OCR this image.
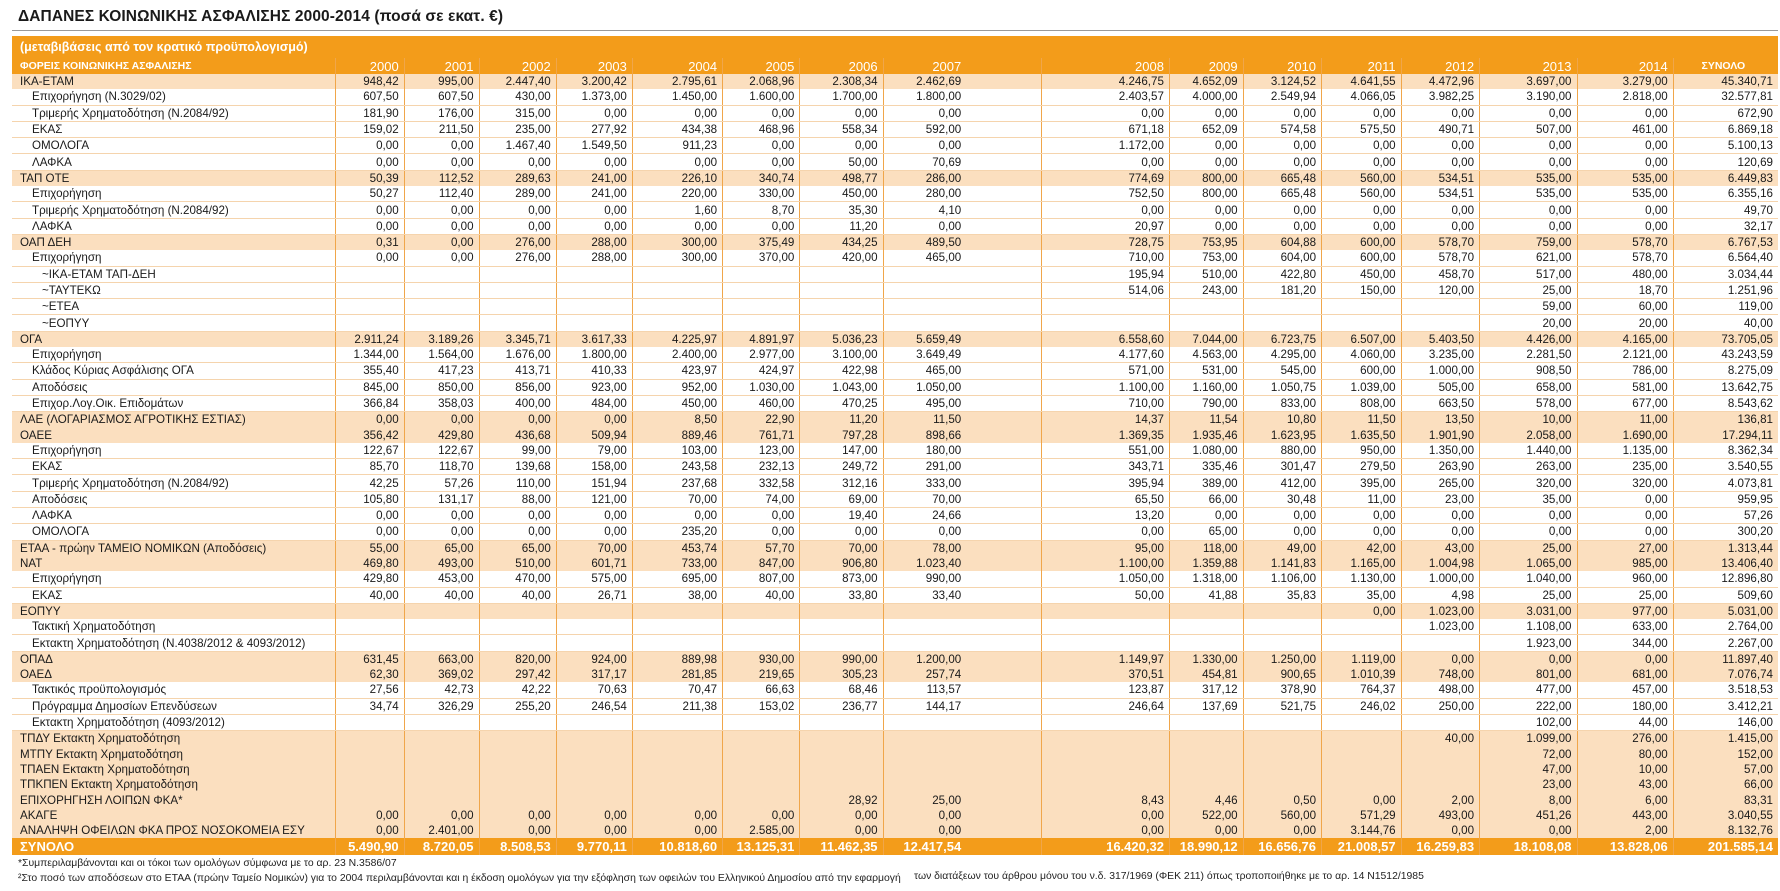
ΔΑΠΑΝΕΣ ΚΟΙΝΩΝΙΚΗΣ ΑΣΦΑΛΙΣΗΣ 2000-2014 (ποσά σε εκατ. €)
(μεταβιβάσεις από τον κρατικό προϋπολογισμό)
ΦΟΡΕΙΣ ΚΟΙΝΩΝΙΚΗΣ ΑΣΦΑΛΙΣΗΣ	2000	2001	2002	2003	2004	2005	2006	2007		2008	2009	2010	2011	2012	2013	2014	ΣΥΝΟΛΟ
ΙΚΑ-ΕΤΑΜ	948,42	995,00	2.447,40	3.200,42	2.795,61	2.068,96	2.308,34	2.462,69		4.246,75	4.652,09	3.124,52	4.641,55	4.472,96	3.697,00	3.279,00	45.340,71
Επιχορήγηση (Ν.3029/02)	607,50	607,50	430,00	1.373,00	1.450,00	1.600,00	1.700,00	1.800,00		2.403,57	4.000,00	2.549,94	4.066,05	3.982,25	3.190,00	2.818,00	32.577,81
Τριμερής Χρηματοδότηση (Ν.2084/92)	181,90	176,00	315,00	0,00	0,00	0,00	0,00	0,00		0,00	0,00	0,00	0,00	0,00	0,00	0,00	672,90
ΕΚΑΣ	159,02	211,50	235,00	277,92	434,38	468,96	558,34	592,00		671,18	652,09	574,58	575,50	490,71	507,00	461,00	6.869,18
ΟΜΟΛΟΓΑ	0,00	0,00	1.467,40	1.549,50	911,23	0,00	0,00	0,00		1.172,00	0,00	0,00	0,00	0,00	0,00	0,00	5.100,13
ΛΑΦΚΑ	0,00	0,00	0,00	0,00	0,00	0,00	50,00	70,69		0,00	0,00	0,00	0,00	0,00	0,00	0,00	120,69
ΤΑΠ ΟΤΕ	50,39	112,52	289,63	241,00	226,10	340,74	498,77	286,00		774,69	800,00	665,48	560,00	534,51	535,00	535,00	6.449,83
Επιχορήγηση	50,27	112,40	289,00	241,00	220,00	330,00	450,00	280,00		752,50	800,00	665,48	560,00	534,51	535,00	535,00	6.355,16
Τριμερής Χρηματοδότηση (Ν.2084/92)	0,00	0,00	0,00	0,00	1,60	8,70	35,30	4,10		0,00	0,00	0,00	0,00	0,00	0,00	0,00	49,70
ΛΑΦΚΑ	0,00	0,00	0,00	0,00	0,00	0,00	11,20	0,00		20,97	0,00	0,00	0,00	0,00	0,00	0,00	32,17
ΟΑΠ ΔΕΗ	0,31	0,00	276,00	288,00	300,00	375,49	434,25	489,50		728,75	753,95	604,88	600,00	578,70	759,00	578,70	6.767,53
Επιχορήγηση	0,00	0,00	276,00	288,00	300,00	370,00	420,00	465,00		710,00	753,00	604,00	600,00	578,70	621,00	578,70	6.564,40
~ΙΚΑ-ΕΤΑΜ ΤΑΠ-ΔΕΗ										195,94	510,00	422,80	450,00	458,70	517,00	480,00	3.034,44
~ΤΑΥΤΕΚΩ										514,06	243,00	181,20	150,00	120,00	25,00	18,70	1.251,96
~ΕΤΕΑ															59,00	60,00	119,00
~ΕΟΠΥΥ															20,00	20,00	40,00
ΟΓΑ	2.911,24	3.189,26	3.345,71	3.617,33	4.225,97	4.891,97	5.036,23	5.659,49		6.558,60	7.044,00	6.723,75	6.507,00	5.403,50	4.426,00	4.165,00	73.705,05
Επιχορήγηση	1.344,00	1.564,00	1.676,00	1.800,00	2.400,00	2.977,00	3.100,00	3.649,49		4.177,60	4.563,00	4.295,00	4.060,00	3.235,00	2.281,50	2.121,00	43.243,59
Κλάδος Κύριας Ασφάλισης ΟΓΑ	355,40	417,23	413,71	410,33	423,97	424,97	422,98	465,00		571,00	531,00	545,00	600,00	1.000,00	908,50	786,00	8.275,09
Αποδόσεις	845,00	850,00	856,00	923,00	952,00	1.030,00	1.043,00	1.050,00		1.100,00	1.160,00	1.050,75	1.039,00	505,00	658,00	581,00	13.642,75
Επιχορ.Λογ.Οικ. Επιδομάτων	366,84	358,03	400,00	484,00	450,00	460,00	470,25	495,00		710,00	790,00	833,00	808,00	663,50	578,00	677,00	8.543,62
ΛΑΕ (ΛΟΓΑΡΙΑΣΜΟΣ ΑΓΡΟΤΙΚΗΣ ΕΣΤΙΑΣ)	0,00	0,00	0,00	0,00	8,50	22,90	11,20	11,50		14,37	11,54	10,80	11,50	13,50	10,00	11,00	136,81
ΟΑΕΕ	356,42	429,80	436,68	509,94	889,46	761,71	797,28	898,66		1.369,35	1.935,46	1.623,95	1.635,50	1.901,90	2.058,00	1.690,00	17.294,11
Επιχορήγηση	122,67	122,67	99,00	79,00	103,00	123,00	147,00	180,00		551,00	1.080,00	880,00	950,00	1.350,00	1.440,00	1.135,00	8.362,34
ΕΚΑΣ	85,70	118,70	139,68	158,00	243,58	232,13	249,72	291,00		343,71	335,46	301,47	279,50	263,90	263,00	235,00	3.540,55
Τριμερής Χρηματοδότηση (Ν.2084/92)	42,25	57,26	110,00	151,94	237,68	332,58	312,16	333,00		395,94	389,00	412,00	395,00	265,00	320,00	320,00	4.073,81
Αποδόσεις	105,80	131,17	88,00	121,00	70,00	74,00	69,00	70,00		65,50	66,00	30,48	11,00	23,00	35,00	0,00	959,95
ΛΑΦΚΑ	0,00	0,00	0,00	0,00	0,00	0,00	19,40	24,66		13,20	0,00	0,00	0,00	0,00	0,00	0,00	57,26
ΟΜΟΛΟΓΑ	0,00	0,00	0,00	0,00	235,20	0,00	0,00	0,00		0,00	65,00	0,00	0,00	0,00	0,00	0,00	300,20
ΕΤΑΑ - πρώην ΤΑΜΕΙΟ ΝΟΜΙΚΩΝ (Αποδόσεις)	55,00	65,00	65,00	70,00	453,74	57,70	70,00	78,00		95,00	118,00	49,00	42,00	43,00	25,00	27,00	1.313,44
ΝΑΤ	469,80	493,00	510,00	601,71	733,00	847,00	906,80	1.023,40		1.100,00	1.359,88	1.141,83	1.165,00	1.004,98	1.065,00	985,00	13.406,40
Επιχορήγηση	429,80	453,00	470,00	575,00	695,00	807,00	873,00	990,00		1.050,00	1.318,00	1.106,00	1.130,00	1.000,00	1.040,00	960,00	12.896,80
ΕΚΑΣ	40,00	40,00	40,00	26,71	38,00	40,00	33,80	33,40		50,00	41,88	35,83	35,00	4,98	25,00	25,00	509,60
ΕΟΠΥΥ													0,00	1.023,00	3.031,00	977,00	5.031,00
Τακτική Χρηματοδότηση														1.023,00	1.108,00	633,00	2.764,00
Εκτακτη Χρηματοδότηση (Ν.4038/2012 & 4093/2012)															1.923,00	344,00	2.267,00
ΟΠΑΔ	631,45	663,00	820,00	924,00	889,98	930,00	990,00	1.200,00		1.149,97	1.330,00	1.250,00	1.119,00	0,00	0,00	0,00	11.897,40
ΟΑΕΔ	62,30	369,02	297,42	317,17	281,85	219,65	305,23	257,74		370,51	454,81	900,65	1.010,39	748,00	801,00	681,00	7.076,74
Τακτικός προϋπολογισμός	27,56	42,73	42,22	70,63	70,47	66,63	68,46	113,57		123,87	317,12	378,90	764,37	498,00	477,00	457,00	3.518,53
Πρόγραμμα Δημοσίων Επενδύσεων	34,74	326,29	255,20	246,54	211,38	153,02	236,77	144,17		246,64	137,69	521,75	246,02	250,00	222,00	180,00	3.412,21
Εκτακτη Χρηματοδότηση (4093/2012)															102,00	44,00	146,00
ΤΠΔΥ Εκτακτη Χρηματοδότηση														40,00	1.099,00	276,00	1.415,00
ΜΤΠΥ Εκτακτη Χρηματοδότηση															72,00	80,00	152,00
ΤΠΑΕΝ Εκτακτη Χρηματοδότηση															47,00	10,00	57,00
ΤΠΚΠΕΝ Εκτακτη Χρηματοδότηση															23,00	43,00	66,00
ΕΠΙΧΟΡΗΓΗΣΗ ΛΟΙΠΩΝ ΦΚΑ*							28,92	25,00		8,43	4,46	0,50	0,00	2,00	8,00	6,00	83,31
ΑΚΑΓΕ	0,00	0,00	0,00	0,00	0,00	0,00	0,00	0,00		0,00	522,00	560,00	571,29	493,00	451,26	443,00	3.040,55
ΑΝΑΛΗΨΗ ΟΦΕΙΛΩΝ ΦΚΑ ΠΡΟΣ ΝΟΣΟΚΟΜΕΙΑ ΕΣΥ	0,00	2.401,00	0,00	0,00	0,00	2.585,00	0,00	0,00		0,00	0,00	0,00	3.144,76	0,00	0,00	2,00	8.132,76
ΣΥΝΟΛΟ	5.490,90	8.720,05	8.508,53	9.770,11	10.818,60	13.125,31	11.462,35	12.417,54		16.420,32	18.990,12	16.656,76	21.008,57	16.259,83	18.108,08	13.828,06	201.585,14
*Συμπεριλαμβάνονται και οι τόκοι των ομολόγων σύμφωνα με το αρ. 23 Ν.3586/07
²Στο ποσό των αποδόσεων στο ΕΤΑΑ (πρώην Ταμείο Νομικών) για το 2004 περιλαμβάνονται και η έκδοση ομολόγων για την εξόφληση των οφειλών του Ελληνικού Δημοσίου από την εφαρμογή των διατάξεων του άρθρου μόνου του ν.δ. 317/1969 (ΦΕΚ 211) όπως τροποποιήθηκε με το αρ. 14 Ν1512/1985
